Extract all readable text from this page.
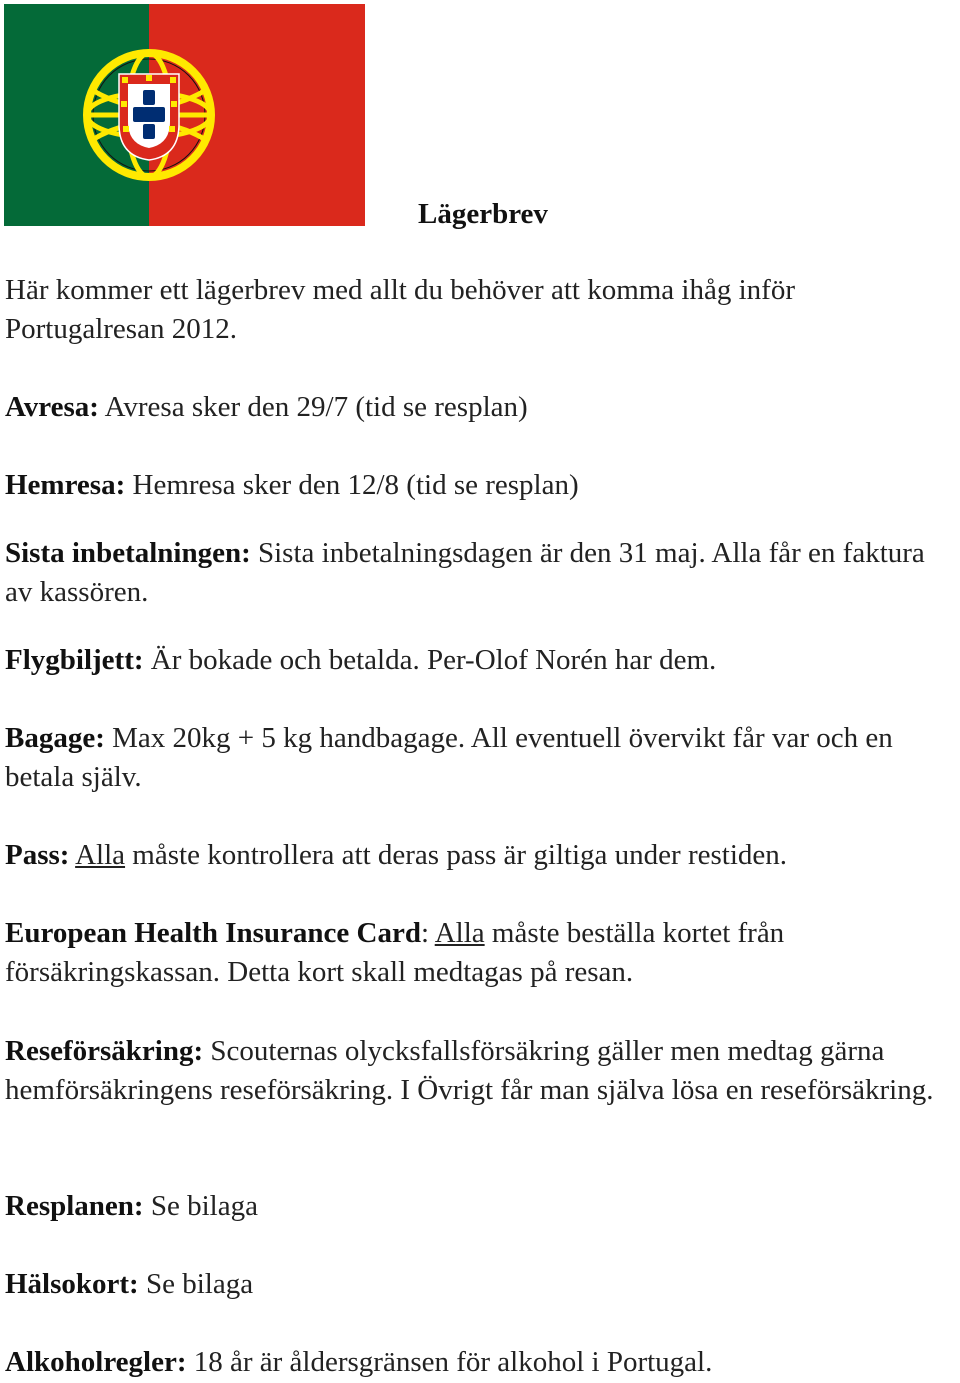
Lägerbrev

Här kommer ett lägerbrev med allt du behöver att komma ihåg inför Portugalresan 2012.

Avresa: Avresa sker den 29/7 (tid se resplan)

Hemresa: Hemresa sker den 12/8 (tid se resplan)

Sista inbetalningen: Sista inbetalningsdagen är den 31 maj. Alla får en faktura av kassören.

Flygbiljett: Är bokade och betalda. Per-Olof Norén har dem.

Bagage: Max 20kg + 5 kg handbagage. All eventuell övervikt får var och en betala själv.

Pass: Alla måste kontrollera att deras pass är giltiga under restiden.

European Health Insurance Card: Alla måste beställa kortet från försäkringskassan. Detta kort skall medtagas på resan.

Reseförsäkring: Scouternas olycksfallsförsäkring gäller men medtag gärna hemförsäkringens reseförsäkring. I Övrigt får man själva lösa en reseförsäkring.

Resplanen: Se bilaga

Hälsokort: Se bilaga

Alkoholregler: 18 år är åldersgränsen för alkohol i Portugal.
